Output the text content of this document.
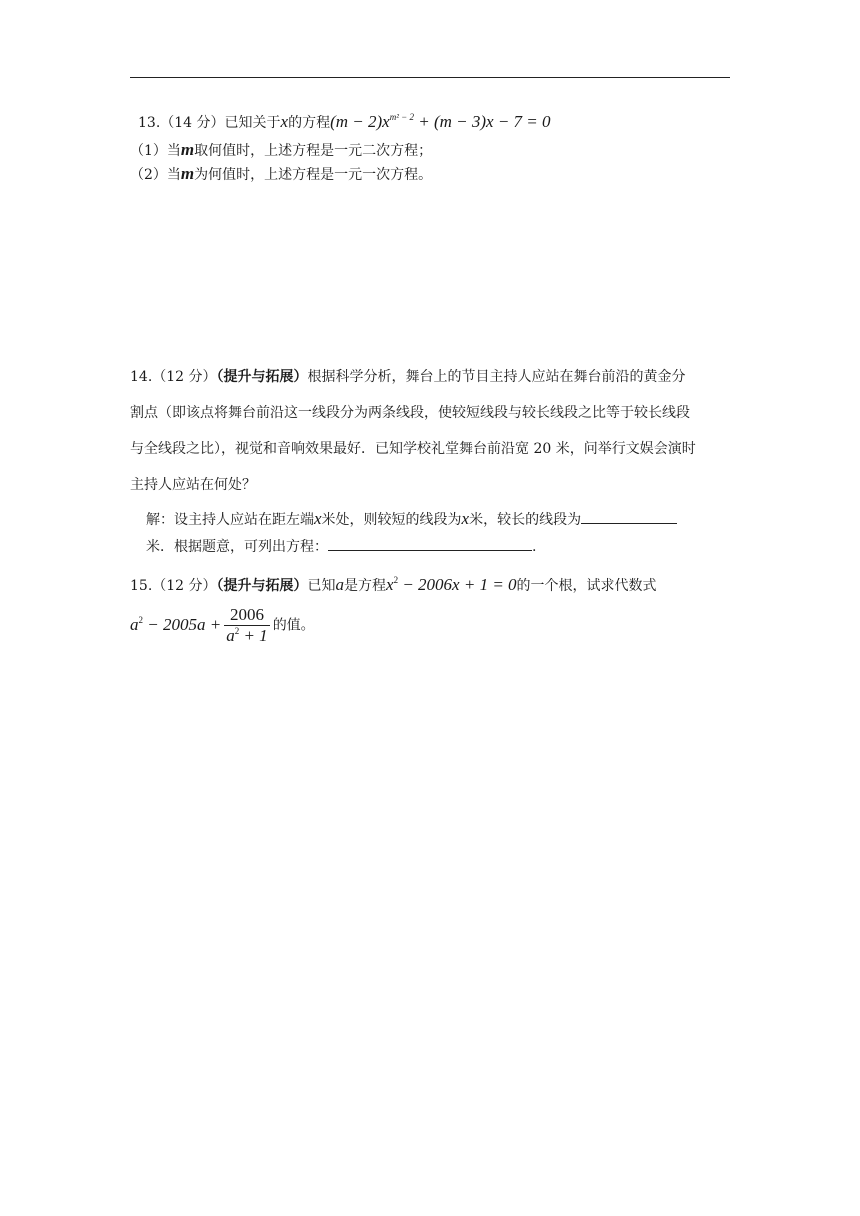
13.（14 分）已知关于x的方程$(m - 2)x^{m^2 - 2} + (m - 3)x - 7 = 0$
（1）当m取何值时，上述方程是一元二次方程；
（2）当m为何值时，上述方程是一元一次方程。
14.（12 分）（提升与拓展）根据科学分析，舞台上的节目主持人应站在舞台前沿的黄金分
割点（即该点将舞台前沿这一线段分为两条线段，使较短线段与较长线段之比等于较长线段
与全线段之比），视觉和音响效果最好．已知学校礼堂舞台前沿宽 20 米，问举行文娱会演时
主持人应站在何处？
解：设主持人应站在距左端x米处，则较短的线段为x米，较长的线段为
米．根据题意，可列出方程：	.
15.（12 分）（提升与拓展）已知a是方程$x^2 - 2006x + 1 = 0$的一个根，试求代数式
$a^2 - 2005a + \frac{2006}{a^2 + 1}$ 的值。
